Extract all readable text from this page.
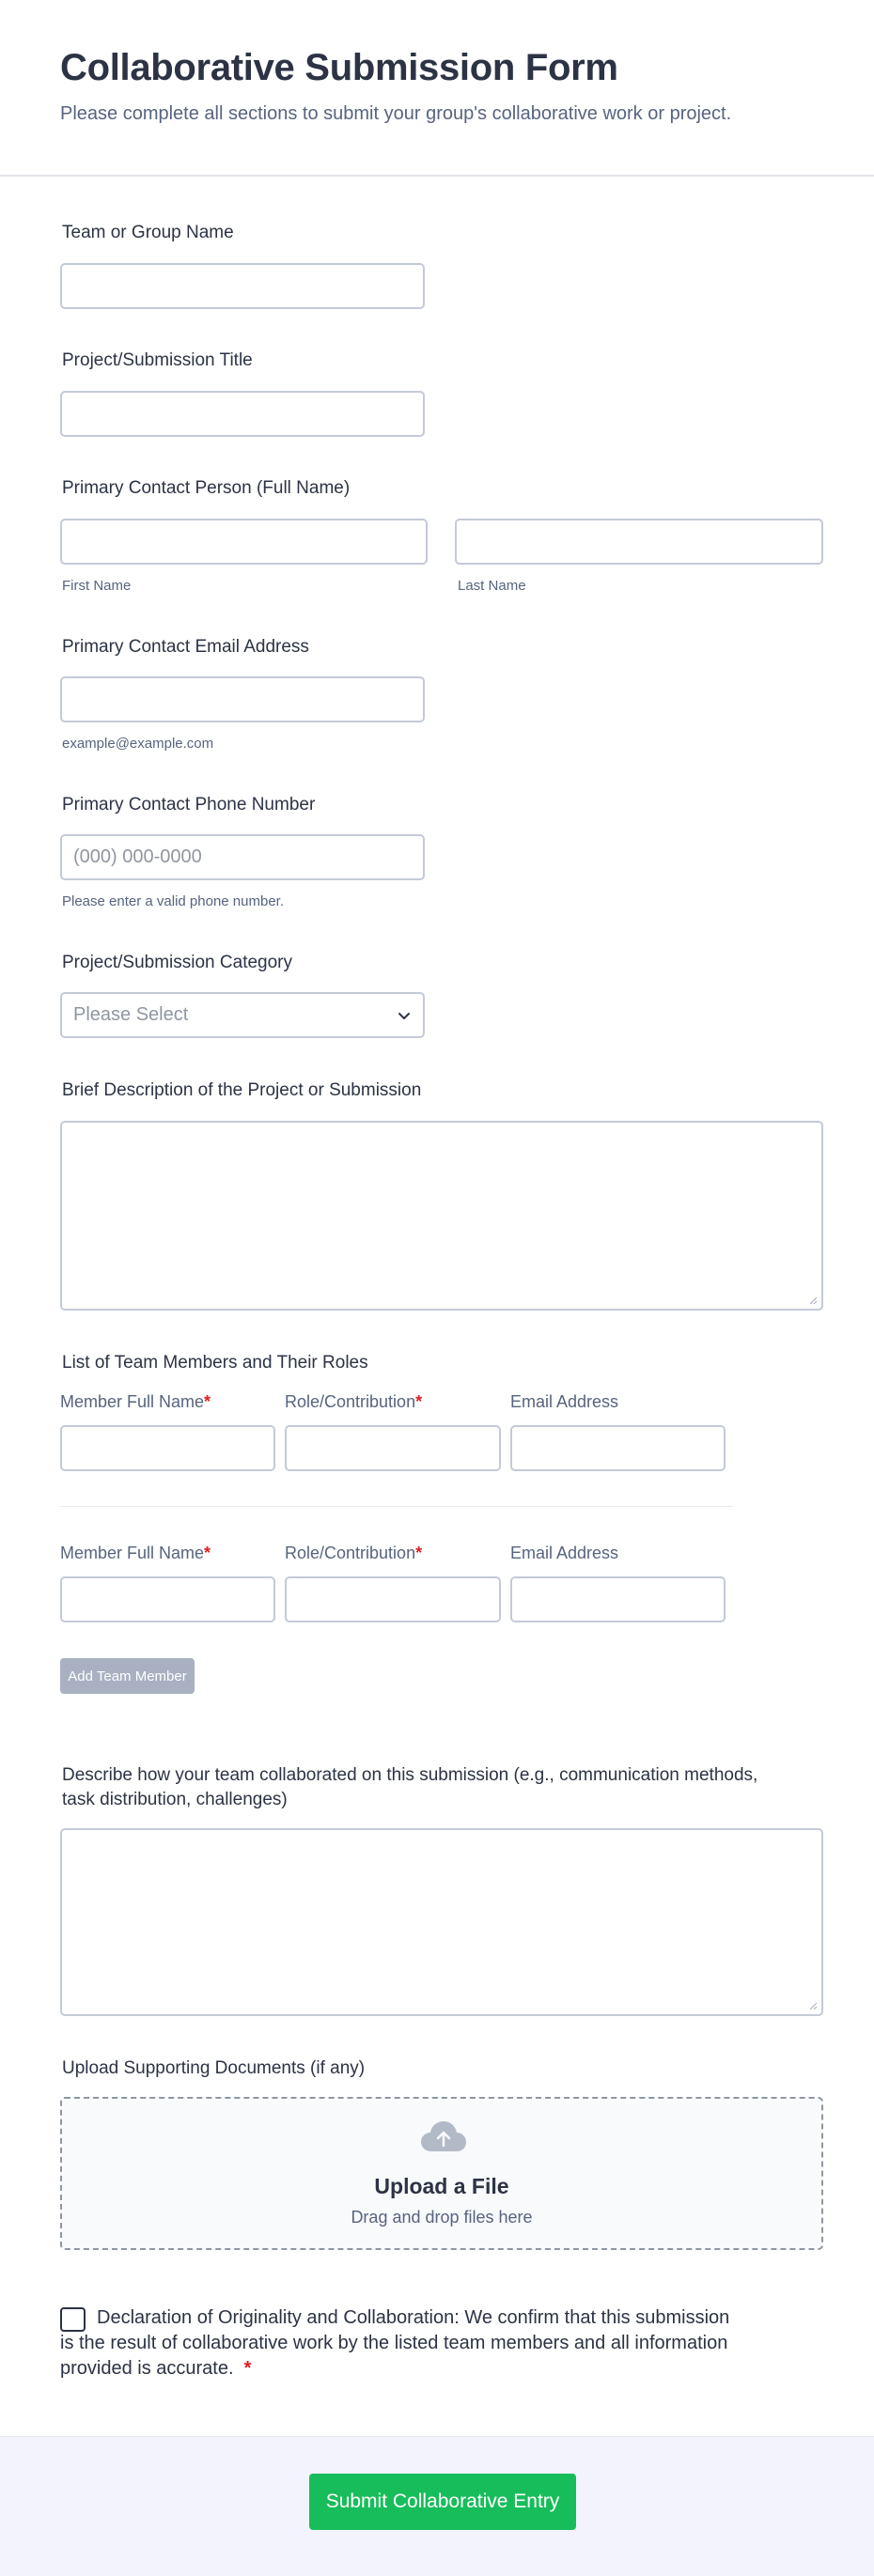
Collaborative Submission Form
Please complete all sections to submit your group's collaborative work or project.
Team or Group Name
Project/Submission Title
Primary Contact Person (Full Name)
First Name	Last Name
Primary Contact Email Address
example@example.com
Primary Contact Phone Number
(000) 000-0000
Please enter a valid phone number.
Project/Submission Category
Please Select
Brief Description of the Project or Submission
List of Team Members and Their Roles
Member Full Name*	Role/Contribution*	Email Address
Member Full Name*	Role/Contribution*	Email Address
Add Team Member
Describe how your team collaborated on this submission (e.g., communication methods, task distribution, challenges)
Upload Supporting Documents (if any)
Upload a File
Drag and drop files here
Declaration of Originality and Collaboration: We confirm that this submission is the result of collaborative work by the listed team members and all information provided is accurate. *
Submit Collaborative Entry
